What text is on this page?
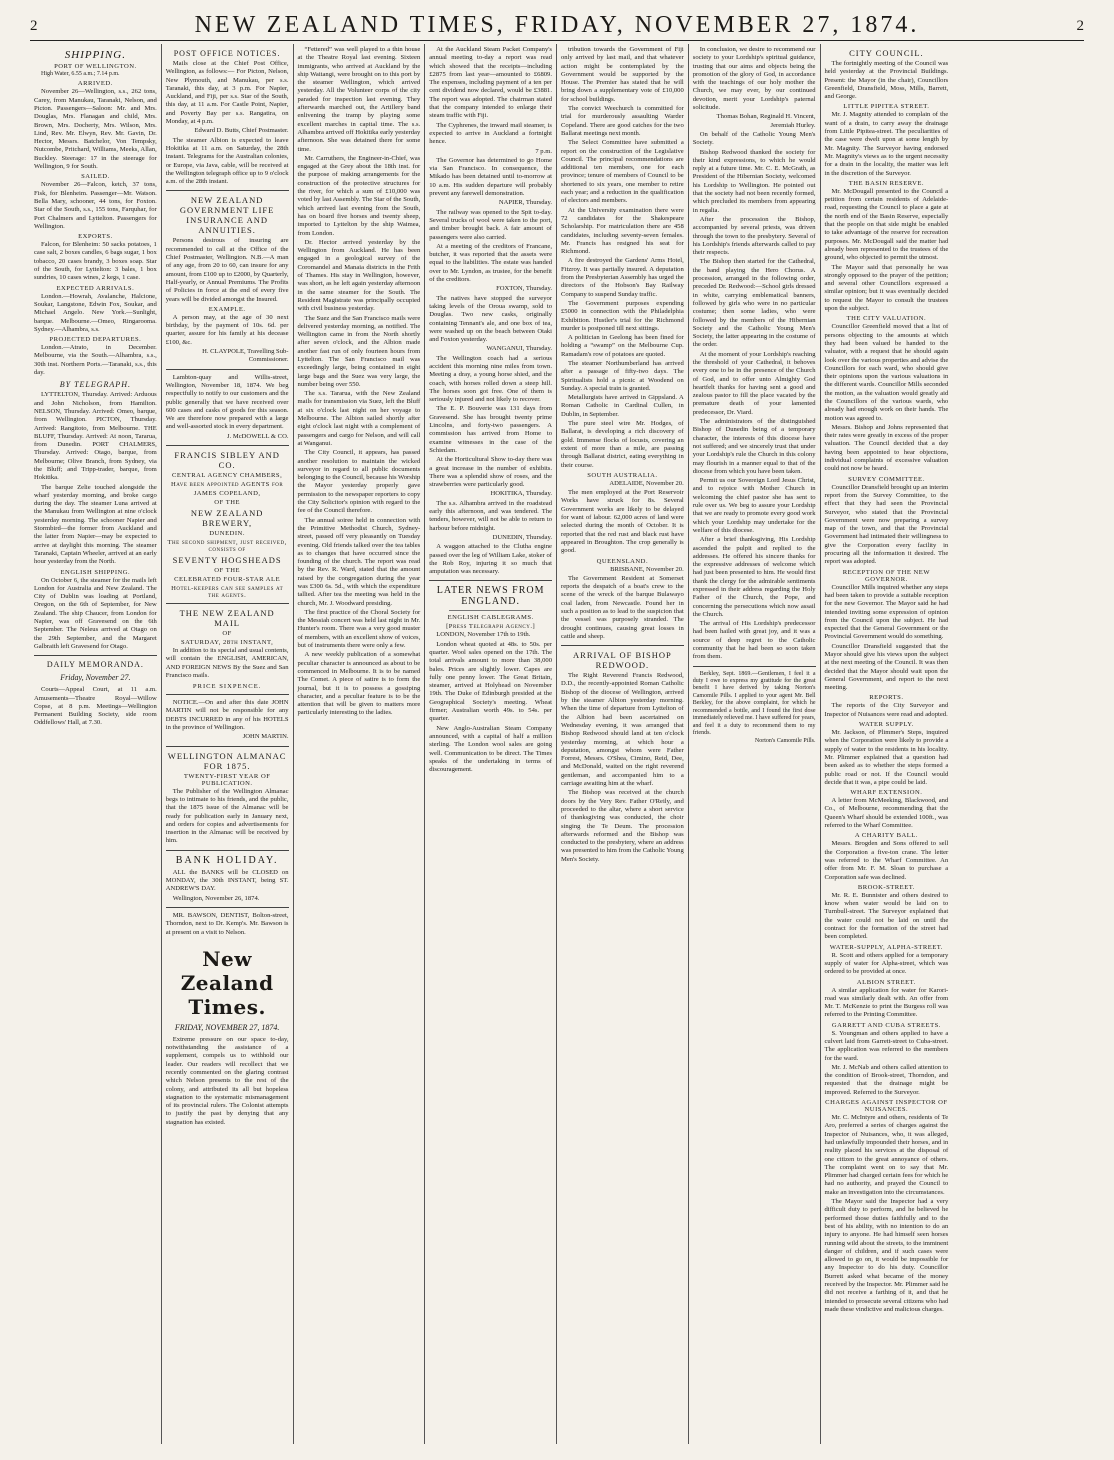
2	NEW ZEALAND TIMES, FRIDAY, NOVEMBER 27, 1874.	2
SHIPPING.
PORT OF WELLINGTON.

High Water, 6.55 a.m.; 7.14 p.m.

ARRIVED.

November 26—Wellington, s.s., 262 tons, Carey, from Manukau, Taranaki, Nelson, and Picton. Passengers—Saloon: Mr. and Mrs. Douglas, Mrs. Flanagan and child, Mrs. Brown, Mrs. Docherty, Mrs. Wilson, Mrs. Lind, Rev. Mr. Elwyn, Rev. Mr. Gavin, Dr. Hector, Messrs. Batchelor, Von Tempsky, Nutcombe, Pritchard, Williams, Meeks, Allan, Buckley. Steerage: 17 in the steerage for Wellington, 9 for South.

SAILED.

November 26—Falcon, ketch, 37 tons, Fisk, for Blenheim. Passenger—Mr. Watson. Bella Mary, schooner, 44 tons, for Foxton. Star of the South, s.s., 155 tons, Farquhar, for Port Chalmers and Lyttelton. Passengers for Wellington.

EXPORTS.

Falcon, for Blenheim: 50 sacks potatoes, 1 case salt, 2 boxes candles, 6 bags sugar, 1 box tobacco, 20 cases brandy, 3 boxes soap. Star of the South, for Lyttelton: 3 bales, 1 box sundries, 10 cases wines, 2 kegs, 1 case.

EXPECTED ARRIVALS.

London.—Howrah, Avalanche, Halcione, Soukar, Langstone, Edwin Fox, Soukar, and Michael Angelo. New York.—Sunlight, barque. Melbourne.—Omeo, Ringarooma. Sydney.—Alhambra, s.s.

PROJECTED DEPARTURES.

London.—Atrato, in December. Melbourne, via the South.—Alhambra, s.s., 30th inst. Northern Ports.—Taranaki, s.s., this day.

BY TELEGRAPH.

LYTTELTON, Thursday. Arrived: Arduous and John Nicholson, from Hamilton. NELSON, Thursday. Arrived: Omeo, barque, from Wellington. PICTON, Thursday. Arrived: Rangitoto, from Melbourne. THE BLUFF, Thursday. Arrived: At noon, Tararua, from Dunedin. PORT CHALMERS, Thursday. Arrived: Otago, barque, from Melbourne; Olive Branch, from Sydney, via the Bluff; and Tripp-trader, barque, from Hokitika.

The barque Zelie touched alongside the wharf yesterday morning, and broke cargo during the day. The steamer Luna arrived at the Manukau from Wellington at nine o'clock yesterday morning. The schooner Napier and Stormbird—the former from Auckland and the latter from Napier—may be expected to arrive at daylight this morning. The steamer Taranaki, Captain Wheeler, arrived at an early hour yesterday from the North.

ENGLISH SHIPPING.

On October 6, the steamer for the mails left London for Australia and New Zealand. The City of Dublin was loading at Portland, Oregon, on the 6th of September, for New Zealand. The ship Chaucer, from London for Napier, was off Gravesend on the 6th September. The Neleus arrived at Otago on the 29th September, and the Margaret Galbraith left Gravesend for Otago.

DAILY MEMORANDA.
Friday, November 27.

Courts—Appeal Court, at 11 a.m. Amusements—Theatre Royal—Willow Copse, at 8 p.m. Meetings—Wellington Permanent Building Society, side room Oddfellows' Hall, at 7.30.

POST OFFICE NOTICES.

Mails close at the Chief Post Office, Wellington, as follows:— For Picton, Nelson, New Plymouth, and Manukau, per s.s. Taranaki, this day, at 3 p.m. For Napier, Auckland, and Fiji, per s.s. Star of the South, this day, at 11 a.m. For Castle Point, Napier, and Poverty Bay per s.s. Rangatira, on Monday, at 4 p.m.

Edward D. Butts, Chief Postmaster.

The steamer Albion is expected to leave Hokitika at 11 a.m. on Saturday, the 28th instant. Telegrams for the Australian colonies, or Europe, via Java, cable, will be received at the Wellington telegraph office up to 9 o'clock a.m. of the 28th instant.

NEW ZEALAND GOVERNMENT LIFE INSURANCE AND ANNUITIES.

Persons desirous of insuring are recommended to call at the Office of the Chief Postmaster, Wellington. N.B.—A man of any age, from 20 to 60, can insure for any amount, from £100 up to £2000, by Quarterly, Half-yearly, or Annual Premiums. The Profits of Policies in force at the end of every five years will be divided amongst the Insured.

EXAMPLE.

A person may, at the age of 30 next birthday, by the payment of 10s. 6d. per quarter, assure for his family at his decease £100, &c.

H. CLAYPOLE, Travelling Sub-Commissioner.

Lambton-quay and Willis-street, Wellington, November 18, 1874. We beg respectfully to notify to our customers and the public generally that we have received over 600 cases and casks of goods for this season. We are therefore now prepared with a large and well-assorted stock in every department.

J. McDOWELL & CO.

FRANCIS SIBLEY AND CO.
CENTRAL AGENCY CHAMBERS,
Have been appointed AGENTS for
JAMES COPELAND,
OF THE
NEW ZEALAND BREWERY,
DUNEDIN.
The second shipment, just received, consists of
SEVENTY HOGSHEADS
OF THE
CELEBRATED FOUR-STAR ALE
Hotel-keepers can see samples at the agents.
THE NEW ZEALAND MAIL
OF
SATURDAY, 28th INSTANT,

In addition to its special and usual contents, will contain the ENGLISH, AMERICAN, AND FOREIGN NEWS By the Suez and San Francisco mails.

PRICE SIXPENCE.

NOTICE.—On and after this date JOHN MARTIN will not be responsible for any DEBTS INCURRED in any of his HOTELS in the province of Wellington.

JOHN MARTIN.

WELLINGTON ALMANAC FOR 1875.
TWENTY-FIRST YEAR OF PUBLICATION.

The Publisher of the Wellington Almanac begs to intimate to his friends, and the public, that the 1875 issue of the Almanac will be ready for publication early in January next, and orders for copies and advertisements for insertion in the Almanac will be received by him.

BANK HOLIDAY.

ALL the BANKS will be CLOSED on MONDAY, the 30th INSTANT, being ST. ANDREW'S DAY.

Wellington, November 26, 1874.

MR. BAWSON, DENTIST, Bolton-street, Thorndon, next to Dr. Kemp's. Mr. Bawson is at present on a visit to Nelson.

New Zealand Times.
FRIDAY, NOVEMBER 27, 1874.

Extreme pressure on our space to-day, notwithstanding the assistance of a supplement, compels us to withhold our leader. Our readers will recollect that we recently commented on the glaring contrast which Nelson presents to the rest of the colony, and attributed its all but hopeless stagnation to the systematic mismanagement of its provincial rulers. The Colonist attempts to justify the past by denying that any stagnation has existed.

“Fettered” was well played to a thin house at the Theatre Royal last evening. Sixteen immigrants, who arrived at Auckland by the ship Waitangi, were brought on to this port by the steamer Wellington, which arrived yesterday. All the Volunteer corps of the city paraded for inspection last evening. They afterwards marched out, the Artillery band enlivening the tramp by playing some excellent marches in capital time. The s.s. Alhambra arrived off Hokitika early yesterday afternoon. She was detained there for some time.

Mr. Carruthers, the Engineer-in-Chief, was engaged at the Grey about the 18th inst. for the purpose of making arrangements for the construction of the protective structures for the river, for which a sum of £10,000 was voted by last Assembly. The Star of the South, which arrived last evening from the South, has on board five horses and twenty sheep, imported to Lyttelton by the ship Waimea, from London.

Dr. Hector arrived yesterday by the Wellington from Auckland. He has been engaged in a geological survey of the Coromandel and Manaia districts in the Frith of Thames. His stay in Wellington, however, was short, as he left again yesterday afternoon in the same steamer for the South. The Resident Magistrate was principally occupied with civil business yesterday.

The Suez and the San Francisco mails were delivered yesterday morning, as notified. The Wellington came in from the North shortly after seven o'clock, and the Albion made another fast run of only fourteen hours from Lyttelton. The San Francisco mail was exceedingly large, being contained in eight large bags and the Suez was very large, the number being over 550.

The s.s. Tararua, with the New Zealand mails for transmission via Suez, left the Bluff at six o'clock last night on her voyage to Melbourne. The Albion sailed shortly after eight o'clock last night with a complement of passengers and cargo for Nelson, and will call at Wanganui.

The City Council, it appears, has passed another resolution to maintain the wicked surveyor in regard to all public documents belonging to the Council, because his Worship the Mayor yesterday properly gave permission to the newspaper reporters to copy the City Solicitor's opinion with regard to the fee of the Council therefore.

The annual soiree held in connection with the Primitive Methodist Church, Sydney-street, passed off very pleasantly on Tuesday evening. Old friends talked over the tea tables as to changes that have occurred since the founding of the church. The report was read by the Rev. R. Ward, stated that the amount raised by the congregation during the year was £300 6s. 5d., with which the expenditure tallied. After tea the meeting was held in the church, Mr. J. Woodward presiding.

The first practice of the Choral Society for the Messiah concert was held last night in Mr. Hunter's room. There was a very good muster of members, with an excellent show of voices, but of instruments there were only a few.

A new weekly publication of a somewhat peculiar character is announced as about to be commenced in Melbourne. It is to be named The Comet. A piece of satire is to form the journal, but it is to possess a gossiping character, and a peculiar feature is to be the attention that will be given to matters more particularly interesting to the ladies.

At the Auckland Steam Packet Company's annual meeting to-day a report was read which showed that the receipts—including £2875 from last year—amounted to £6809. The expenses, including payment of a ten per cent dividend now declared, would be £3881. The report was adopted. The chairman stated that the company intended to enlarge their steam traffic with Fiji.

The Cyphrenes, the inward mail steamer, is expected to arrive in Auckland a fortnight hence.

7 p.m.

The Governor has determined to go Home via San Francisco. In consequence, the Mikado has been detained until to-morrow at 10 a.m. His sudden departure will probably prevent any farewell demonstration.

NAPIER, Thursday.

The railway was opened to the Spit to-day. Several trucks of wool were taken to the port, and timber brought back. A fair amount of passengers were also carried.

At a meeting of the creditors of Francane, butcher, it was reported that the assets were equal to the liabilities. The estate was handed over to Mr. Lyndon, as trustee, for the benefit of the creditors.

FOXTON, Thursday.

The natives have stopped the surveyor taking levels of the Oroua swamp, sold to Douglas. Two new casks, originally containing Tennant's ale, and one box of tea, were washed up on the beach between Otaki and Foxton yesterday.

WANGANUI, Thursday.

The Wellington coach had a serious accident this morning nine miles from town. Meeting a dray, a young horse shied, and the coach, with horses rolled down a steep hill. The horses soon got free. One of them is seriously injured and not likely to recover.

The E. P. Bouverie was 131 days from Gravesend. She has brought twenty prime Lincolns, and forty-two passengers. A commission has arrived from Home to examine witnesses in the case of the Schiedam.

At the Horticultural Show to-day there was a great increase in the number of exhibits. There was a splendid show of roses, and the strawberries were particularly good.

HOKITIKA, Thursday.

The s.s. Alhambra arrived in the roadstead early this afternoon, and was tendered. The tenders, however, will not be able to return to harbour before midnight.

DUNEDIN, Thursday.

A waggon attached to the Clutha engine passed over the leg of William Lake, stoker of the Rob Roy, injuring it so much that amputation was necessary.

LATER NEWS FROM ENGLAND.
ENGLISH CABLEGRAMS.
[Press Telegraph Agency.]

LONDON, November 17th to 19th.

London wheat quoted at 48s. to 50s. per quarter. Wool sales opened on the 17th. The total arrivals amount to more than 38,000 bales. Prices are slightly lower. Capes are fully one penny lower. The Great Britain, steamer, arrived at Holyhead on November 19th. The Duke of Edinburgh presided at the Geographical Society's meeting. Wheat firmer; Australian worth 49s. to 54s. per quarter.

New Anglo-Australian Steam Company announced, with a capital of half a million sterling. The London wool sales are going well. Communication to be direct. The Times speaks of the undertaking in terms of discouragement.

tribution towards the Government of Fiji only arrived by last mail, and that whatever action might be contemplated by the Government would be supported by the House. The Premier has stated that he will bring down a supplementary vote of £10,000 for school buildings.

The convict Weechurch is committed for trial for murderously assaulting Warder Copeland. There are good catches for the two Ballarat meetings next month.

The Select Committee have submitted a report on the construction of the Legislative Council. The principal recommendations are additional ten members, one for each province; tenure of members of Council to be shortened to six years, one member to retire each year; and a reduction in the qualification of electors and members.

At the University examination there were 72 candidates for the Shakespeare Scholarship. For matriculation there are 458 candidates, including seventy-seven females. Mr. Francis has resigned his seat for Richmond.

A fire destroyed the Gardens' Arms Hotel, Fitzroy. It was partially insured. A deputation from the Presbyterian Assembly has urged the directors of the Hobson's Bay Railway Company to suspend Sunday traffic.

The Government purposes expending £5000 in connection with the Philadelphia Exhibition. Hustler's trial for the Richmond murder is postponed till next sittings.

A politician in Geelong has been fined for holding a “swamp” on the Melbourne Cup. Ramadam's row of potatoes are quoted.

The steamer Northumberland has arrived after a passage of fifty-two days. The Spiritualists hold a picnic at Woodend on Sunday. A special train is granted.

Metallurgists have arrived in Gippsland. A Roman Catholic in Cardinal Cullen, in Dublin, in September.

The pure steel wire Mr. Hodges, of Ballarat, is developing a rich discovery of gold. Immense flocks of locusts, covering an extent of more than a mile, are passing through Ballarat district, eating everything in their course.

SOUTH AUSTRALIA.

ADELAIDE, November 20.

The men employed at the Port Reservoir Works have struck for 8s. Several Government works are likely to be delayed for want of labour. 62,000 acres of land were selected during the month of October. It is reported that the red rust and black rust have appeared in Broughton. The crop generally is good.

QUEENSLAND.

BRISBANE, November 20.

The Government Resident at Somerset reports the despatch of a boat's crew to the scene of the wreck of the barque Bulawayo coal laden, from Newcastle. Found her in such a position as to lead to the suspicion that the vessel was purposely stranded. The drought continues, causing great losses in cattle and sheep.

ARRIVAL OF BISHOP REDWOOD.

The Right Reverend Francis Redwood, D.D., the recently-appointed Roman Catholic Bishop of the diocese of Wellington, arrived by the steamer Albion yesterday morning. When the time of departure from Lyttelton of the Albion had been ascertained on Wednesday evening, it was arranged that Bishop Redwood should land at ten o'clock yesterday morning, at which hour a deputation, amongst whom were Father Forrest, Messrs. O'Shea, Cimino, Reid, Dee, and McDonald, waited on the right reverend gentleman, and accompanied him to a carriage awaiting him at the wharf.

The Bishop was received at the church doors by the Very Rev. Father O'Reily, and proceeded to the altar, where a short service of thanksgiving was conducted, the choir singing the Te Deum. The procession afterwards reformed and the Bishop was conducted to the presbytery, where an address was presented to him from the Catholic Young Men's Society.

In conclusion, we desire to recommend our society to your Lordship's spiritual guidance, trusting that our aims and objects being the promotion of the glory of God, in accordance with the teachings of our holy mother the Church, we may ever, by our continued devotion, merit your Lordship's paternal solicitude.

Thomas Bohan, Reginald H. Vincent, Jeremiah Hurley.

On behalf of the Catholic Young Men's Society.

Bishop Redwood thanked the society for their kind expressions, to which he would reply at a future time. Mr. C. E. McGrath, as President of the Hibernian Society, welcomed his Lordship to Wellington. He pointed out that the society had not been recently formed, which precluded its members from appearing in regalia.

After the procession the Bishop, accompanied by several priests, was driven through the town to the presbytery. Several of his Lordship's friends afterwards called to pay their respects.

The Bishop then started for the Cathedral, the band playing the Hero Chorus. A procession, arranged in the following order, preceded Dr. Redwood:—School girls dressed in white, carrying emblematical banners, followed by girls who were in no particular costume; then some ladies, who were followed by the members of the Hibernian Society and the Catholic Young Men's Society, the latter appearing in the costume of the order.

At the moment of your Lordship's reaching the threshold of your Cathedral, it behoves every one to be in the presence of the Church of God, and to offer unto Almighty God heartfelt thanks for having sent a good and zealous pastor to fill the place vacated by the premature death of your lamented predecessor, Dr. Viard.

The administrators of the distinguished Bishop of Dunedin being of a temporary character, the interests of this diocese have not suffered; and we sincerely trust that under your Lordship's rule the Church in this colony may flourish in a manner equal to that of the diocese from which you have been taken.

Permit us our Sovereign Lord Jesus Christ, and to rejoice with Mother Church in welcoming the chief pastor she has sent to rule over us. We beg to assure your Lordship that we are ready to promote every good work which your Lordship may undertake for the welfare of this diocese.

After a brief thanksgiving, His Lordship ascended the pulpit and replied to the addresses. He offered his sincere thanks for the expressive addresses of welcome which had just been presented to him. He would first thank the clergy for the admirable sentiments expressed in their address regarding the Holy Father of the Church, the Pope, and concerning the persecutions which now assail the Church.

The arrival of His Lordship's predecessor had been hailed with great joy, and it was a source of deep regret to the Catholic community that he had been so soon taken from them.

Berkley, Sept. 1869.—Gentlemen, I feel it a duty I owe to express my gratitude for the great benefit I have derived by taking Norton's Camomile Pills. I applied to your agent Mr. Bell Berkley, for the above complaint, for which he recommended a bottle, and I found the first dose immediately relieved me. I have suffered for years, and feel it a duty to recommend them to my friends.

Norton's Camomile Pills.

CITY COUNCIL.

The fortnightly meeting of the Council was held yesterday at the Provincial Buildings. Present: the Mayor (in the chair), Councillors Greenfield, Dransfield, Moss, Mills, Barrett, and George.

LITTLE PIPITEA STREET.

Mr. J. Magnity attended to complain of the want of a drain, to carry away the drainage from Little Pipitea-street. The peculiarities of the case were dwelt upon at some length by Mr. Magnity. The Surveyor having endorsed Mr. Magnity's views as to the urgent necessity for a drain in the locality, the matter was left in the discretion of the Surveyor.

THE BASIN RESERVE.

Mr. McDougall presented to the Council a petition from certain residents of Adelaide-road, requesting the Council to place a gate at the north end of the Basin Reserve, especially that the people on that side might be enabled to take advantage of the reserve for recreation purposes. Mr. McDougall said the matter had already been represented to the trustees of the ground, who objected to permit the utmost.

The Mayor said that personally he was strongly opposed to the prayer of the petition; and several other Councillors expressed a similar opinion; but it was eventually decided to request the Mayor to consult the trustees upon the subject.

THE CITY VALUATION.

Councillor Greenfield moved that a list of persons objecting to the amounts at which they had been valued be handed to the valuator, with a request that he should again look over the various properties and advise the Councillors for each ward, who should give their opinions upon the various valuations in the different wards. Councillor Mills seconded the motion, as the valuation would greatly aid the Councillors of the various wards, who already had enough work on their hands. The motion was agreed to.

Messrs. Bishop and Johns represented that their rates were greatly in excess of the proper valuation. The Council decided that a day having been appointed to hear objections, individual complaints of excessive valuation could not now be heard.

SURVEY COMMITTEE.

Councillor Dransfield brought up an interim report from the Survey Committee, to the effect that they had seen the Provincial Surveyor, who stated that the Provincial Government were now preparing a survey map of the town, and that the Provincial Government had intimated their willingness to give the Corporation every facility in procuring all the information it desired. The report was adopted.

RECEPTION OF THE NEW GOVERNOR.

Councillor Mills inquired whether any steps had been taken to provide a suitable reception for the new Governor. The Mayor said he had intended inviting some expression of opinion from the Council upon the subject. He had expected that the General Government or the Provincial Government would do something.

Councillor Dransfield suggested that the Mayor should give his views upon the subject at the next meeting of the Council. It was then decided that the Mayor should wait upon the General Government, and report to the next meeting.

REPORTS.

The reports of the City Surveyor and Inspector of Nuisances were read and adopted.

WATER SUPPLY.

Mr. Jackson, of Plimmer's Steps, inquired when the Corporation were likely to provide a supply of water to the residents in his locality. Mr. Plimmer explained that a question had been asked as to whether the steps formed a public road or not. If the Council would decide that it was, a pipe could be laid.

WHARF EXTENSION.

A letter from McMeeking, Blackwood, and Co., of Melbourne, recommending that the Queen's Wharf should be extended 100ft., was referred to the Wharf Committee.

A CHARITY BALL.

Messrs. Brogden and Sons offered to sell the Corporation a five-ton crane. The letter was referred to the Wharf Committee. An offer from Mr. F. M. Sloan to purchase a Corporation safe was declined.

BROOK-STREET.

Mr. R. E. Bunnister and others desired to know when water would be laid on to Turnbull-street. The Surveyor explained that the water could not be laid on until the contract for the formation of the street had been completed.

WATER-SUPPLY, ALPHA-STREET.

R. Scott and others applied for a temporary supply of water for Alpha-street, which was ordered to be provided at once.

ALBION STREET.

A similar application for water for Karori-road was similarly dealt with. An offer from Mr. T. McKenzie to print the Burgess roll was referred to the Printing Committee.

GARRETT AND CUBA STREETS.

S. Youngman and others applied to have a culvert laid from Garrett-street to Cuba-street. The application was referred to the members for the ward.

Mr. J. McNab and others called attention to the condition of Brook-street, Thorndon, and requested that the drainage might be improved. Referred to the Surveyor.

CHARGES AGAINST INSPECTOR OF NUISANCES.

Mr. C. McIntyre and others, residents of Te Aro, preferred a series of charges against the Inspector of Nuisances, who, it was alleged, had unlawfully impounded their horses, and in reality placed his services at the disposal of one citizen to the great annoyance of others. The complaint went on to say that Mr. Plimmer had charged certain fees for which he had no authority, and prayed the Council to make an investigation into the circumstances.

The Mayor said the Inspector had a very difficult duty to perform, and he believed he performed those duties faithfully and to the best of his ability, with no intention to do an injury to anyone. He had himself seen horses running wild about the streets, to the imminent danger of children, and if such cases were allowed to go on, it would be impossible for any Inspector to do his duty. Councillor Burrett asked what became of the money received by the Inspector. Mr. Plimmer said he did not receive a farthing of it, and that he intended to prosecute several citizens who had made these vindictive and malicious charges.
